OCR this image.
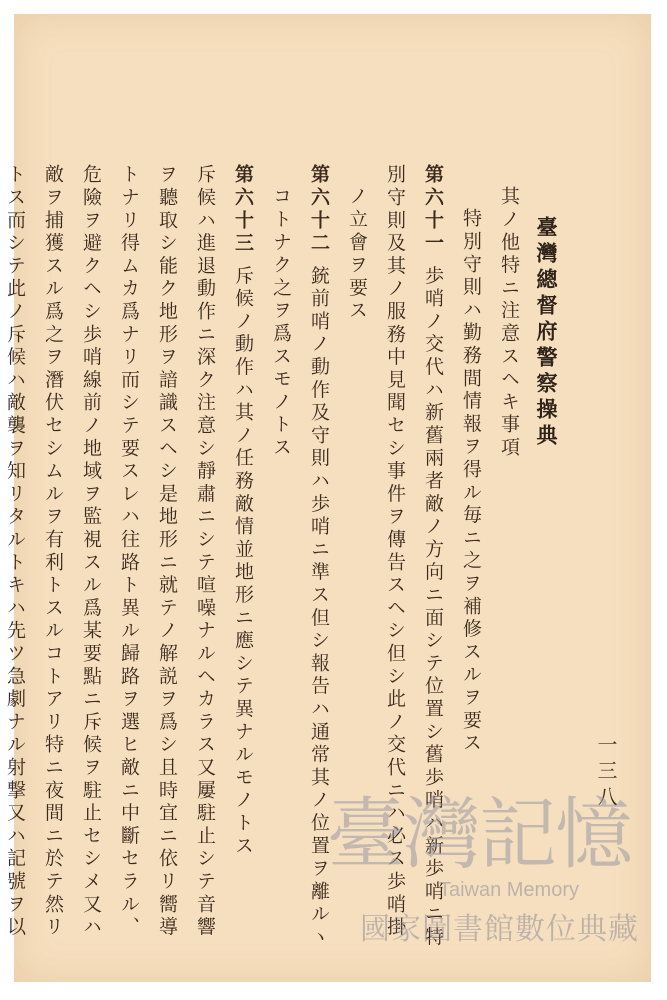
一三八
臺灣總督府警察操典
其ノ他特ニ注意スヘキ事項
特別守則ハ勤務間情報ヲ得ル毎ニ之ヲ補修スルヲ要ス
第六十一 歩哨ノ交代ハ新舊兩者敵ノ方向ニ面シテ位置シ舊歩哨ハ新歩哨ニ特
別守則及其ノ服務中見聞セシ事件ヲ傳告スヘシ但シ此ノ交代ニハ必ス歩哨掛
ノ立會ヲ要ス
第六十二 銃前哨ノ動作及守則ハ歩哨ニ準ス但シ報告ハ通常其ノ位置ヲ離ルヽ
コトナク之ヲ爲スモノトス
第六十三 斥候ノ動作ハ其ノ任務敵情並地形ニ應シテ異ナルモノトス
斥候ハ進退動作ニ深ク注意シ靜肅ニシテ喧噪ナルヘカラス又屢駐止シテ音響
ヲ聽取シ能ク地形ヲ諳識スヘシ是地形ニ就テノ解説ヲ爲シ且時宜ニ依リ嚮導
トナリ得ムカ爲ナリ而シテ要スレハ往路ト異ル歸路ヲ選ヒ敵ニ中斷セラル、
危險ヲ避クヘシ歩哨線前ノ地域ヲ監視スル爲某要點ニ斥候ヲ駐止セシメ又ハ
敵ヲ捕獲スル爲之ヲ潛伏セシムルヲ有利トスルコトアリ特ニ夜間ニ於テ然リ
トス而シテ此ノ斥候ハ敵襲ヲ知リタルトキハ先ツ急劇ナル射撃又ハ記號ヲ以	臺灣記憶
Taiwan Memory
國家圖書館數位典藏
